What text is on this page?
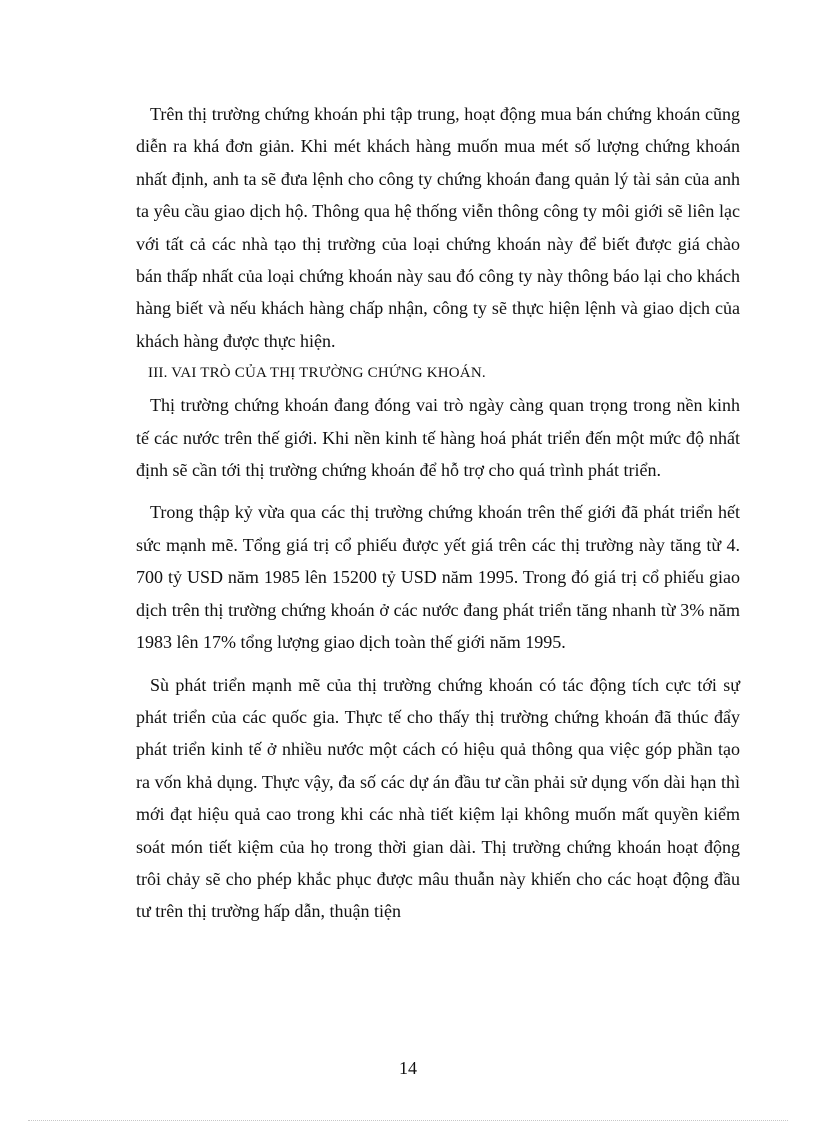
Trên thị trường chứng khoán phi tập trung, hoạt động mua bán chứng khoán cũng diễn ra khá đơn giản. Khi mét khách hàng muốn mua mét số lượng chứng khoán nhất định, anh ta sẽ đưa lệnh cho công ty chứng khoán đang quản lý tài sản của anh ta yêu cầu giao dịch hộ. Thông qua hệ thống viễn thông công ty môi giới sẽ liên lạc với tất cả các nhà tạo thị trường của loại chứng khoán này để biết được giá chào bán thấp nhất của loại chứng khoán này sau đó công ty này thông báo lại cho khách hàng biết và nếu khách hàng chấp nhận, công ty sẽ thực hiện lệnh và giao dịch của khách hàng được thực hiện.

III. VAI TRÒ CỦA THỊ TRƯỜNG CHỨNG KHOÁN.

Thị trường chứng khoán đang đóng vai trò ngày càng quan trọng trong nền kinh tế các nước trên thế giới. Khi nền kinh tế hàng hoá phát triển đến một mức độ nhất định sẽ cần tới thị trường chứng khoán để hỗ trợ cho quá trình phát triển.

Trong thập kỷ vừa qua các thị trường chứng khoán trên thế giới đã phát triển hết sức mạnh mẽ. Tổng giá trị cổ phiếu được yết giá trên các thị trường này tăng từ 4. 700 tỷ USD năm 1985 lên 15200 tỷ USD năm 1995. Trong đó giá trị cổ phiếu giao dịch trên thị trường chứng khoán ở các nước đang phát triển tăng nhanh từ 3% năm 1983 lên 17% tổng lượng giao dịch toàn thế giới năm 1995.

Sù phát triển mạnh mẽ của thị trường chứng khoán có tác động tích cực tới sự phát triển của các quốc gia. Thực tế cho thấy thị trường chứng khoán đã thúc đẩy phát triển kinh tế ở nhiều nước một cách có hiệu quả thông qua việc góp phần tạo ra vốn khả dụng. Thực vậy, đa số các dự án đầu tư cần phải sử dụng vốn dài hạn thì mới đạt hiệu quả cao trong khi các nhà tiết kiệm lại không muốn mất quyền kiểm soát món tiết kiệm của họ trong thời gian dài. Thị trường chứng khoán hoạt động trôi chảy sẽ cho phép khắc phục được mâu thuẫn này khiến cho các hoạt động đầu tư trên thị trường hấp dẫn, thuận tiện

14
